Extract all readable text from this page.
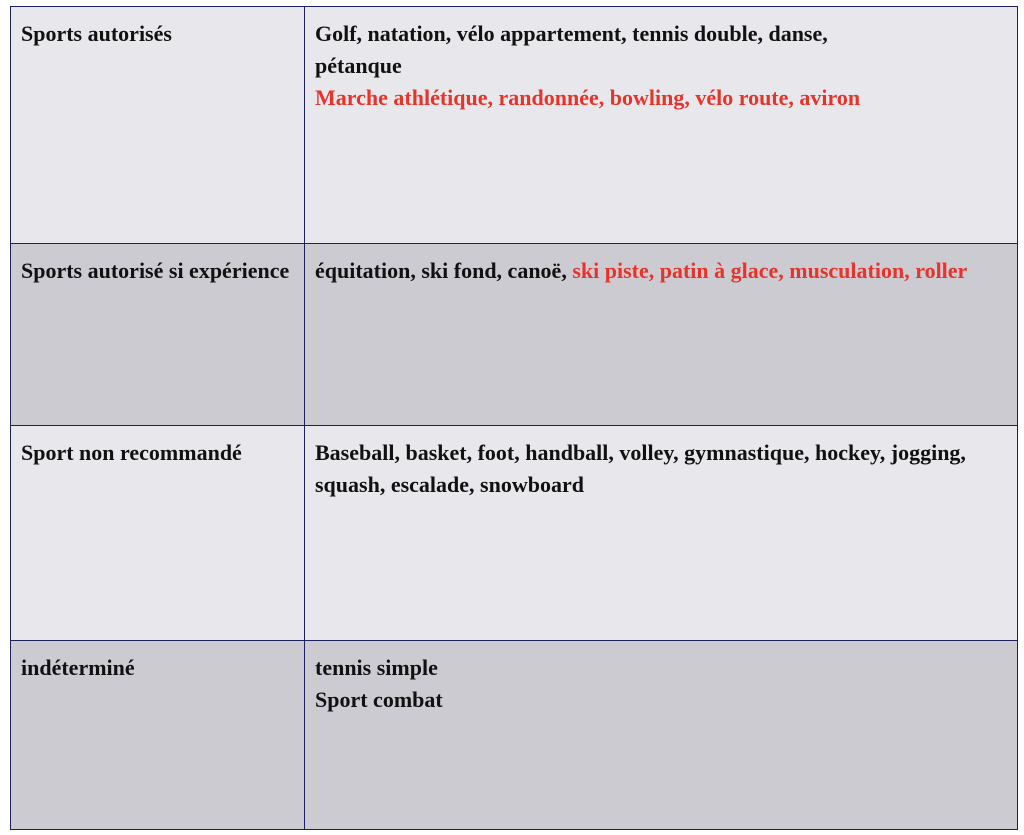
Sports autorisés	Golf, natation, vélo appartement, tennis double, danse,
pétanque
Marche athlétique, randonnée, bowling, vélo route, aviron

Sports autorisé si expérience	équitation, ski fond, canoë, ski piste, patin à glace, musculation, roller
Sport non recommandé	Baseball, basket, foot, handball, volley, gymnastique, hockey, jogging, squash, escalade, snowboard
indéterminé	tennis simple
Sport combat
